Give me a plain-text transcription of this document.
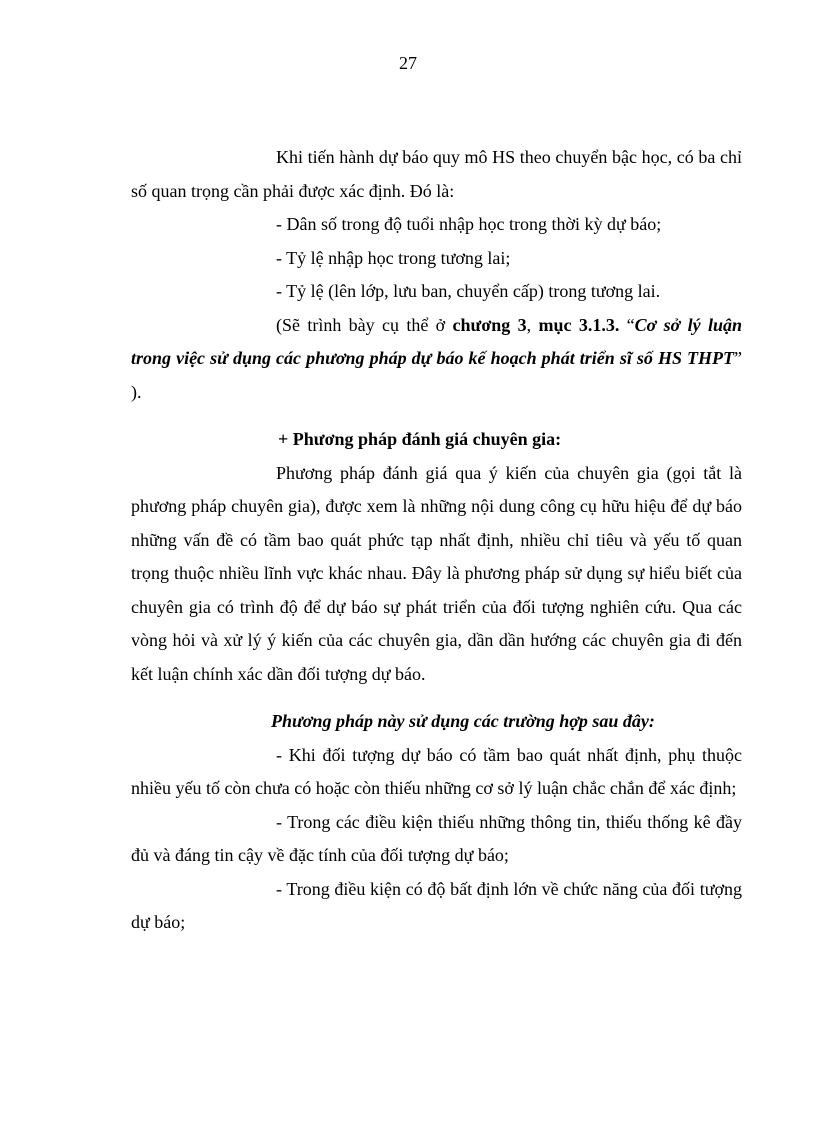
27

Khi tiến hành dự báo quy mô HS theo chuyển bậc học, có ba chỉ số quan trọng cần phải được xác định. Đó là:

- Dân số trong độ tuổi nhập học trong thời kỳ dự báo;

- Tỷ lệ nhập học trong tương lai;

- Tỷ lệ (lên lớp, lưu ban, chuyển cấp) trong tương lai.

(Sẽ trình bày cụ thể ở chương 3, mục 3.1.3. “Cơ sở lý luận trong việc sử dụng các phương pháp dự báo kế hoạch phát triển sĩ số HS THPT” ).

+ Phương pháp đánh giá chuyên gia:

Phương pháp đánh giá qua ý kiến của chuyên gia (gọi tắt là phương pháp chuyên gia), được xem là những nội dung công cụ hữu hiệu để dự báo những vấn đề có tầm bao quát phức tạp nhất định, nhiều chỉ tiêu và yếu tố quan trọng thuộc nhiều lĩnh vực khác nhau. Đây là phương pháp sử dụng sự hiểu biết của chuyên gia có trình độ để dự báo sự phát triển của đối tượng nghiên cứu. Qua các vòng hỏi và xử lý ý kiến của các chuyên gia, dần dần hướng các chuyên gia đi đến kết luận chính xác dần đối tượng dự báo.

Phương pháp này sử dụng các trường hợp sau đây:

- Khi đối tượng dự báo có tầm bao quát nhất định, phụ thuộc nhiều yếu tố còn chưa có hoặc còn thiếu những cơ sở lý luận chắc chắn để xác định;

- Trong các điều kiện thiếu những thông tin, thiếu thống kê đầy đủ và đáng tin cậy về đặc tính của đối tượng dự báo;

- Trong điều kiện có độ bất định lớn về chức năng của đối tượng dự báo;
